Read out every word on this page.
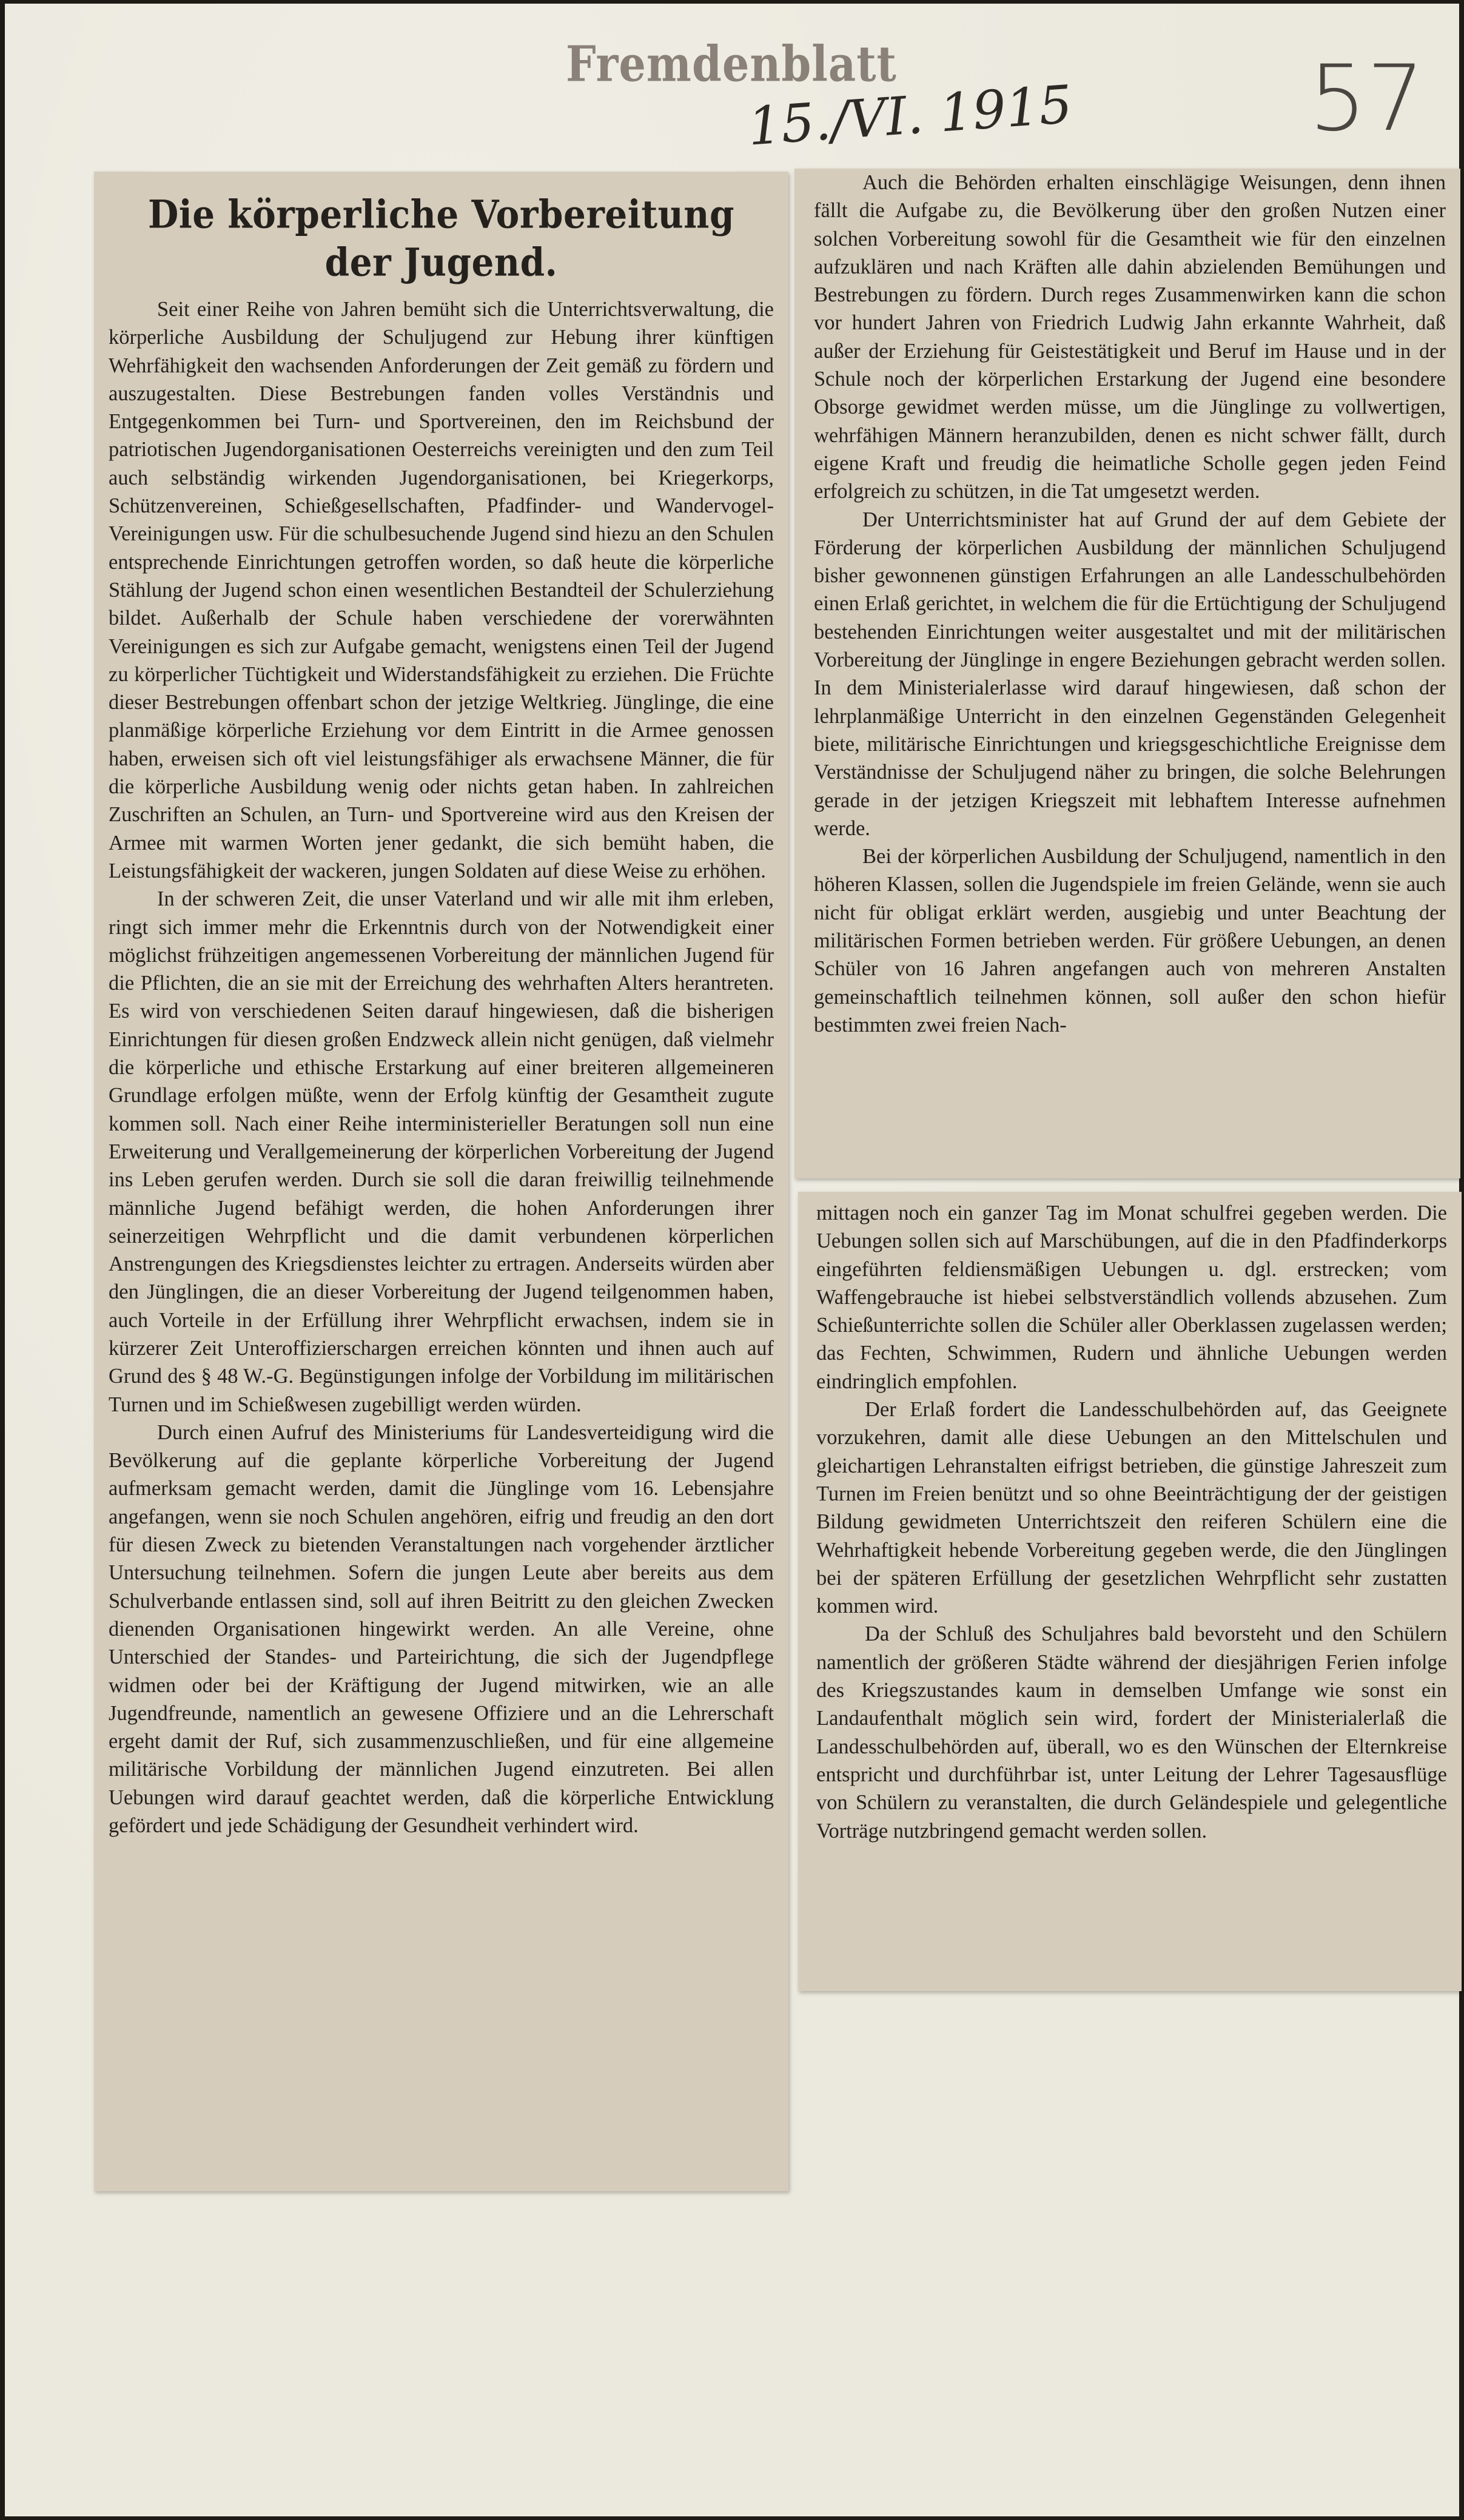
Fremdenblatt
15./VI. 1915	57
Die körperliche Vorbereitung der Jugend.

Seit einer Reihe von Jahren bemüht sich die Unterrichtsverwaltung, die körperliche Ausbildung der Schuljugend zur Hebung ihrer künftigen Wehrfähigkeit den wachsenden Anforderungen der Zeit gemäß zu fördern und auszugestalten. Diese Bestrebungen fanden volles Verständnis und Entgegenkommen bei Turn- und Sportvereinen, den im Reichsbund der patriotischen Jugendorganisationen Oesterreichs vereinigten und den zum Teil auch selbständig wirkenden Jugendorganisationen, bei Kriegerkorps, Schützenvereinen, Schießgesellschaften, Pfadfinder- und Wandervogel-Vereinigungen usw. Für die schulbesuchende Jugend sind hiezu an den Schulen entsprechende Einrichtungen getroffen worden, so daß heute die körperliche Stählung der Jugend schon einen wesentlichen Bestandteil der Schulerziehung bildet. Außerhalb der Schule haben verschiedene der vorerwähnten Vereinigungen es sich zur Aufgabe gemacht, wenigstens einen Teil der Jugend zu körperlicher Tüchtigkeit und Widerstandsfähigkeit zu erziehen. Die Früchte dieser Bestrebungen offenbart schon der jetzige Weltkrieg. Jünglinge, die eine planmäßige körperliche Erziehung vor dem Eintritt in die Armee genossen haben, erweisen sich oft viel leistungsfähiger als erwachsene Männer, die für die körperliche Ausbildung wenig oder nichts getan haben. In zahlreichen Zuschriften an Schulen, an Turn- und Sportvereine wird aus den Kreisen der Armee mit warmen Worten jener gedankt, die sich bemüht haben, die Leistungsfähigkeit der wackeren, jungen Soldaten auf diese Weise zu erhöhen.

In der schweren Zeit, die unser Vaterland und wir alle mit ihm erleben, ringt sich immer mehr die Erkenntnis durch von der Notwendigkeit einer möglichst frühzeitigen angemessenen Vorbereitung der männlichen Jugend für die Pflichten, die an sie mit der Erreichung des wehrhaften Alters herantreten. Es wird von verschiedenen Seiten darauf hingewiesen, daß die bisherigen Einrichtungen für diesen großen Endzweck allein nicht genügen, daß vielmehr die körperliche und ethische Erstarkung auf einer breiteren allgemeineren Grundlage erfolgen müßte, wenn der Erfolg künftig der Gesamtheit zugute kommen soll. Nach einer Reihe interministerieller Beratungen soll nun eine Erweiterung und Verallgemeinerung der körperlichen Vorbereitung der Jugend ins Leben gerufen werden. Durch sie soll die daran freiwillig teilnehmende männliche Jugend befähigt werden, die hohen Anforderungen ihrer seinerzeitigen Wehrpflicht und die damit verbundenen körperlichen Anstrengungen des Kriegsdienstes leichter zu ertragen. Anderseits würden aber den Jünglingen, die an dieser Vorbereitung der Jugend teilgenommen haben, auch Vorteile in der Erfüllung ihrer Wehrpflicht erwachsen, indem sie in kürzerer Zeit Unteroffizierschargen erreichen könnten und ihnen auch auf Grund des § 48 W.-G. Begünstigungen infolge der Vorbildung im militärischen Turnen und im Schießwesen zugebilligt werden würden.

Durch einen Aufruf des Ministeriums für Landesverteidigung wird die Bevölkerung auf die geplante körperliche Vorbereitung der Jugend aufmerksam gemacht werden, damit die Jünglinge vom 16. Lebensjahre angefangen, wenn sie noch Schulen angehören, eifrig und freudig an den dort für diesen Zweck zu bietenden Veranstaltungen nach vorgehender ärztlicher Untersuchung teilnehmen. Sofern die jungen Leute aber bereits aus dem Schulverbande entlassen sind, soll auf ihren Beitritt zu den gleichen Zwecken dienenden Organisationen hingewirkt werden. An alle Vereine, ohne Unterschied der Standes- und Parteirichtung, die sich der Jugendpflege widmen oder bei der Kräftigung der Jugend mitwirken, wie an alle Jugendfreunde, namentlich an gewesene Offiziere und an die Lehrerschaft ergeht damit der Ruf, sich zusammenzuschließen, und für eine allgemeine militärische Vorbildung der männlichen Jugend einzutreten. Bei allen Uebungen wird darauf geachtet werden, daß die körperliche Entwicklung gefördert und jede Schädigung der Gesundheit verhindert wird.

Auch die Behörden erhalten einschlägige Weisungen, denn ihnen fällt die Aufgabe zu, die Bevölkerung über den großen Nutzen einer solchen Vorbereitung sowohl für die Gesamtheit wie für den einzelnen aufzuklären und nach Kräften alle dahin abzielenden Bemühungen und Bestrebungen zu fördern. Durch reges Zusammenwirken kann die schon vor hundert Jahren von Friedrich Ludwig Jahn erkannte Wahrheit, daß außer der Erziehung für Geistestätigkeit und Beruf im Hause und in der Schule noch der körperlichen Erstarkung der Jugend eine besondere Obsorge gewidmet werden müsse, um die Jünglinge zu vollwertigen, wehrfähigen Männern heranzubilden, denen es nicht schwer fällt, durch eigene Kraft und freudig die heimatliche Scholle gegen jeden Feind erfolgreich zu schützen, in die Tat umgesetzt werden.

Der Unterrichtsminister hat auf Grund der auf dem Gebiete der Förderung der körperlichen Ausbildung der männlichen Schuljugend bisher gewonnenen günstigen Erfahrungen an alle Landesschulbehörden einen Erlaß gerichtet, in welchem die für die Ertüchtigung der Schuljugend bestehenden Einrichtungen weiter ausgestaltet und mit der militärischen Vorbereitung der Jünglinge in engere Beziehungen gebracht werden sollen. In dem Ministerialerlasse wird darauf hingewiesen, daß schon der lehrplanmäßige Unterricht in den einzelnen Gegenständen Gelegenheit biete, militärische Einrichtungen und kriegsgeschichtliche Ereignisse dem Verständnisse der Schuljugend näher zu bringen, die solche Belehrungen gerade in der jetzigen Kriegszeit mit lebhaftem Interesse aufnehmen werde.

Bei der körperlichen Ausbildung der Schuljugend, namentlich in den höheren Klassen, sollen die Jugendspiele im freien Gelände, wenn sie auch nicht für obligat erklärt werden, ausgiebig und unter Beachtung der militärischen Formen betrieben werden. Für größere Uebungen, an denen Schüler von 16 Jahren angefangen auch von mehreren Anstalten gemeinschaftlich teilnehmen können, soll außer den schon hiefür bestimmten zwei freien Nach-

mittagen noch ein ganzer Tag im Monat schulfrei gegeben werden. Die Uebungen sollen sich auf Marschübungen, auf die in den Pfadfinderkorps eingeführten feldiensmäßigen Uebungen u. dgl. erstrecken; vom Waffengebrauche ist hiebei selbstverständlich vollends abzusehen. Zum Schießunterrichte sollen die Schüler aller Oberklassen zugelassen werden; das Fechten, Schwimmen, Rudern und ähnliche Uebungen werden eindringlich empfohlen.

Der Erlaß fordert die Landesschulbehörden auf, das Geeignete vorzukehren, damit alle diese Uebungen an den Mittelschulen und gleichartigen Lehranstalten eifrigst betrieben, die günstige Jahreszeit zum Turnen im Freien benützt und so ohne Beeinträchtigung der der geistigen Bildung gewidmeten Unterrichtszeit den reiferen Schülern eine die Wehrhaftigkeit hebende Vorbereitung gegeben werde, die den Jünglingen bei der späteren Erfüllung der gesetzlichen Wehrpflicht sehr zustatten kommen wird.

Da der Schluß des Schuljahres bald bevorsteht und den Schülern namentlich der größeren Städte während der diesjährigen Ferien infolge des Kriegszustandes kaum in demselben Umfange wie sonst ein Landaufenthalt möglich sein wird, fordert der Ministerialerlaß die Landesschulbehörden auf, überall, wo es den Wünschen der Elternkreise entspricht und durchführbar ist, unter Leitung der Lehrer Tagesausflüge von Schülern zu veranstalten, die durch Geländespiele und gelegentliche Vorträge nutzbringend gemacht werden sollen.
